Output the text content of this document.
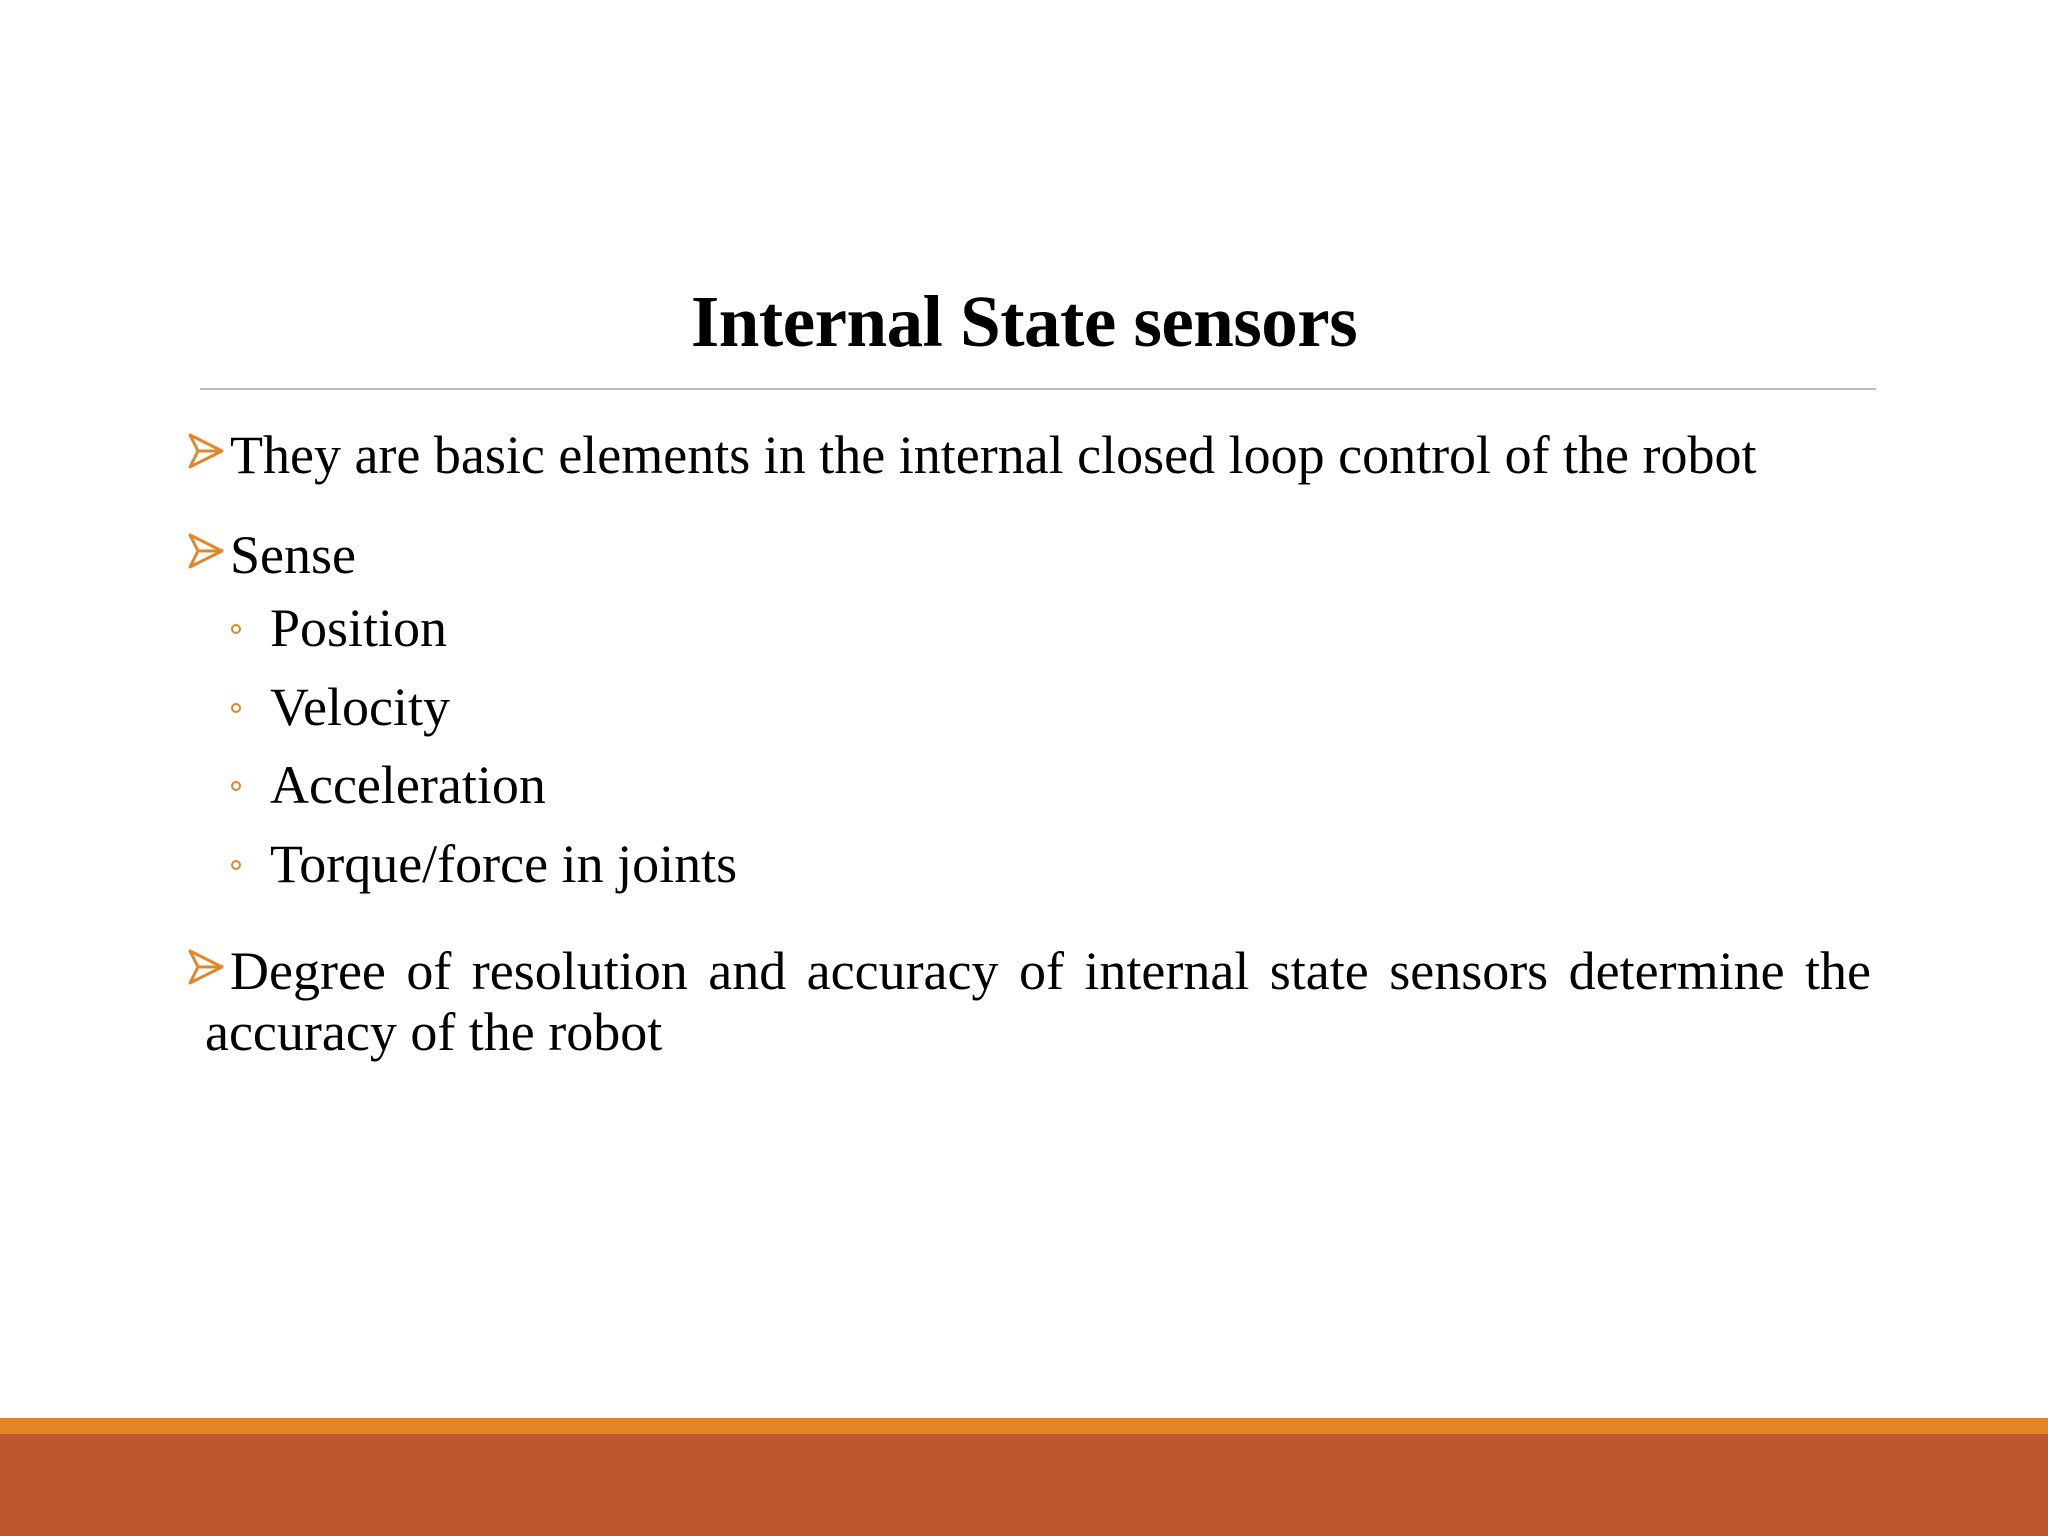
Internal State sensors
They are basic elements in the internal closed loop control of the robot
Sense
Position
Velocity
Acceleration
Torque/force in joints
Degree of resolution and accuracy of internal state sensors determine the accuracy of the robot
